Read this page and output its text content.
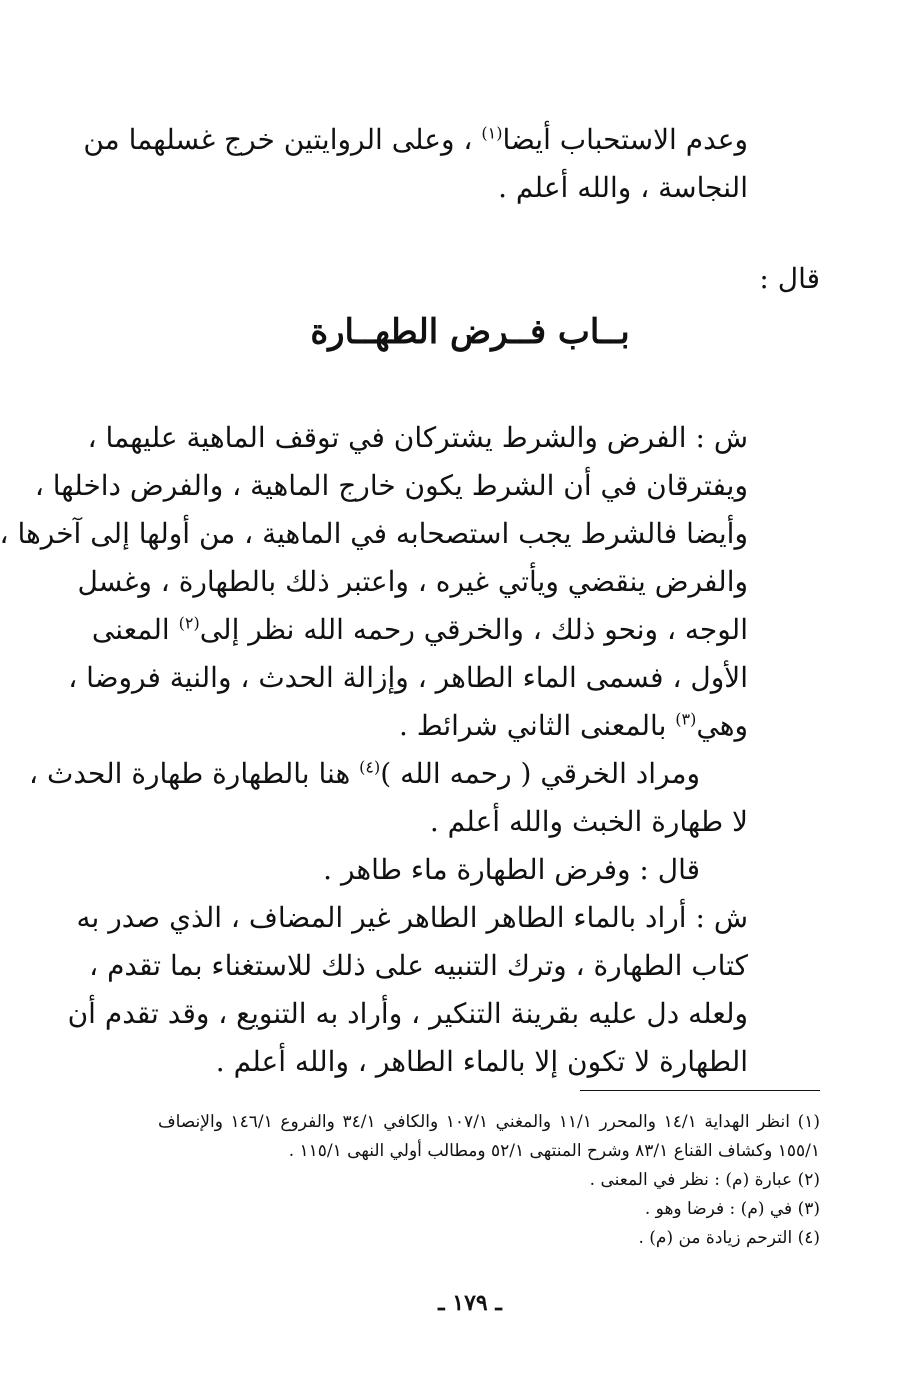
وعدم الاستحباب أيضا$^{(١)}$ ، وعلى الروايتين خرج غسلهما من
النجاسة ، والله أعلم .
قال :
بــاب فــرض الطهــارة
ش : الفرض والشرط يشتركان في توقف الماهية عليهما ،
ويفترقان في أن الشرط يكون خارج الماهية ، والفرض داخلها ،
وأيضا فالشرط يجب استصحابه في الماهية ، من أولها إلى آخرها ،
والفرض ينقضي ويأتي غيره ، واعتبر ذلك بالطهارة ، وغسل
الوجه ، ونحو ذلك ، والخرقي رحمه الله نظر إلى$^{(٢)}$ المعنى
الأول ، فسمى الماء الطاهر ، وإزالة الحدث ، والنية فروضا ،
وهي$^{(٣)}$ بالمعنى الثاني شرائط .
ومراد الخرقي ( رحمه الله )$^{(٤)}$ هنا بالطهارة طهارة الحدث ،
لا طهارة الخبث والله أعلم .
قال : وفرض الطهارة ماء طاهر .
ش : أراد بالماء الطاهر الطاهر غير المضاف ، الذي صدر به
كتاب الطهارة ، وترك التنبيه على ذلك للاستغناء بما تقدم ،
ولعله دل عليه بقرينة التنكير ، وأراد به التنويع ، وقد تقدم أن
الطهارة لا تكون إلا بالماء الطاهر ، والله أعلم .
(١) انظر الهداية ١٤/١ والمحرر ١١/١ والمغني ١٠٧/١ والكافي ٣٤/١ والفروع ١٤٦/١ والإنصاف
١٥٥/١ وكشاف القناع ٨٣/١ وشرح المنتهى ٥٢/١ ومطالب أولي النهى ١١٥/١ .
(٢) عبارة (م) : نظر في المعنى .
(٣) في (م) : فرضا وهو .
(٤) الترحم زيادة من (م) .
ـ ١٧٩ ـ
